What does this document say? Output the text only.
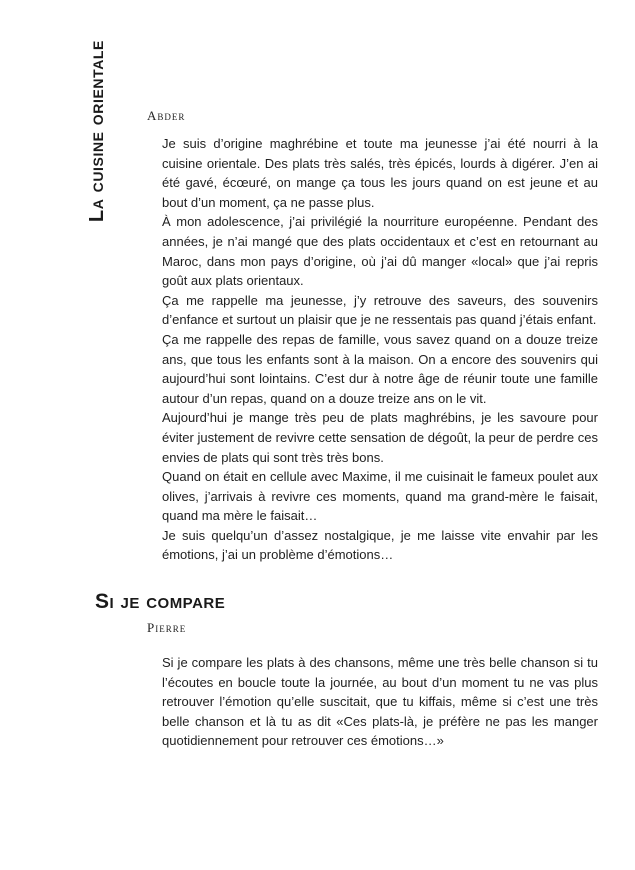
La cuisine orientale	Abder

Je suis d’origine maghrébine et toute ma jeunesse j’ai été nourri à la cuisine orientale. Des plats très salés, très épicés, lourds à digérer. J’en ai été gavé, écœuré, on mange ça tous les jours quand on est jeune et au bout d’un moment, ça ne passe plus.

À mon adolescence, j’ai privilégié la nourriture européenne. Pendant des années, je n’ai mangé que des plats occidentaux et c’est en retournant au Maroc, dans mon pays d’origine, où j’ai dû manger «local» que j’ai repris goût aux plats orientaux.

Ça me rappelle ma jeunesse, j’y retrouve des saveurs, des souvenirs d’enfance et surtout un plaisir que je ne ressentais pas quand j’étais enfant.

Ça me rappelle des repas de famille, vous savez quand on a douze treize ans, que tous les enfants sont à la maison. On a encore des souvenirs qui aujourd’hui sont lointains. C’est dur à notre âge de réunir toute une famille autour d’un repas, quand on a douze treize ans on le vit.

Aujourd’hui je mange très peu de plats maghrébins, je les savoure pour éviter justement de revivre cette sensation de dégoût, la peur de perdre ces envies de plats qui sont très très bons.

Quand on était en cellule avec Maxime, il me cuisinait le fameux poulet aux olives, j’arrivais à revivre ces moments, quand ma grand-mère le faisait, quand ma mère le faisait…

Je suis quelqu’un d’assez nostalgique, je me laisse vite envahir par les émotions, j’ai un problème d’émotions…

Si je compare
Pierre

Si je compare les plats à des chansons, même une très belle chanson si tu l’écoutes en boucle toute la journée, au bout d’un moment tu ne vas plus retrouver l’émotion qu’elle suscitait, que tu kiffais, même si c’est une très belle chanson et là tu as dit «Ces plats-là, je préfère ne pas les manger quotidiennement pour retrouver ces émotions…»
